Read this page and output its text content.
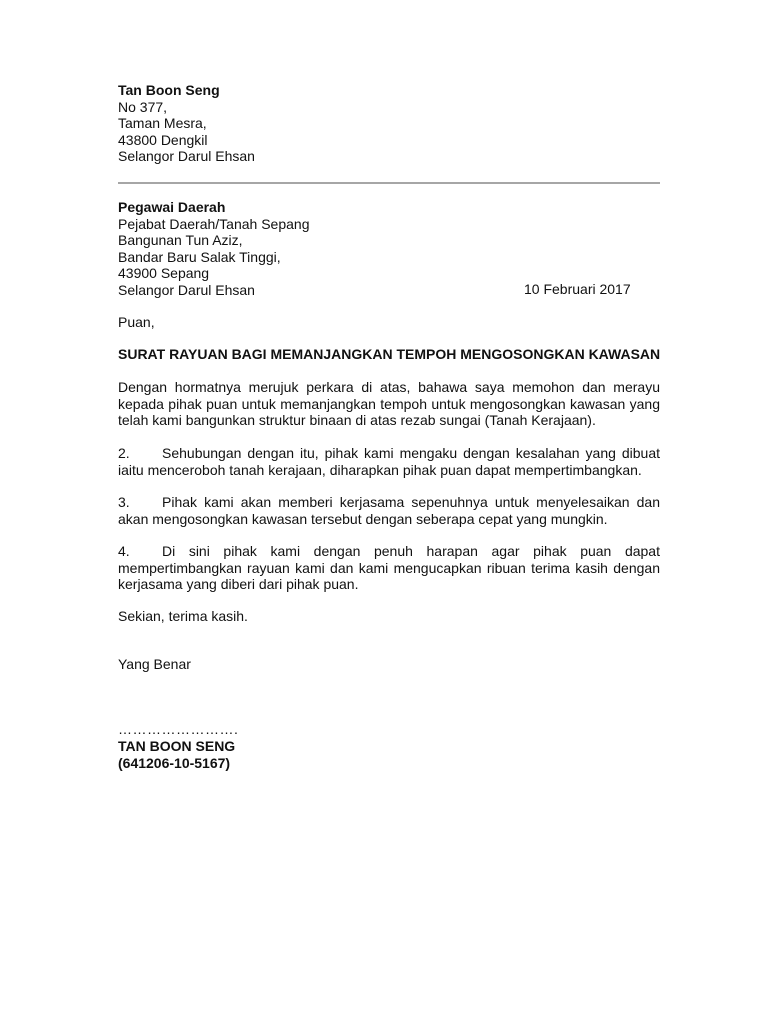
Tan Boon Seng
No 377,
Taman Mesra,
43800 Dengkil
Selangor Darul Ehsan
Pegawai Daerah
Pejabat Daerah/Tanah Sepang
Bangunan Tun Aziz,
Bandar Baru Salak Tinggi,
43900 Sepang
Selangor Darul Ehsan	10 Februari 2017
Puan,
SURAT RAYUAN BAGI MEMANJANGKAN TEMPOH MENGOSONGKAN KAWASAN
Dengan hormatnya merujuk perkara di atas, bahawa saya memohon dan merayu kepada pihak puan untuk memanjangkan tempoh untuk mengosongkan kawasan yang telah kami bangunkan struktur binaan di atas rezab sungai (Tanah Kerajaan).
2. Sehubungan dengan itu, pihak kami mengaku dengan kesalahan yang dibuat iaitu menceroboh tanah kerajaan, diharapkan pihak puan dapat mempertimbangkan.
3. Pihak kami akan memberi kerjasama sepenuhnya untuk menyelesaikan dan akan mengosongkan kawasan tersebut dengan seberapa cepat yang mungkin.
4. Di sini pihak kami dengan penuh harapan agar pihak puan dapat mempertimbangkan rayuan kami dan kami mengucapkan ribuan terima kasih dengan kerjasama yang diberi dari pihak puan.
Sekian, terima kasih.
Yang Benar
…………………….
TAN BOON SENG
(641206-10-5167)
